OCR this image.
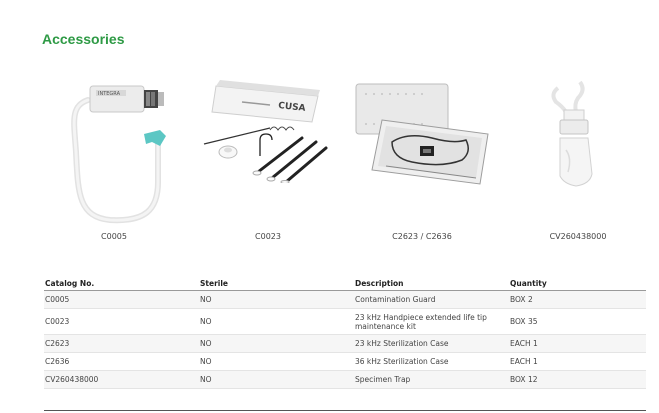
Accessories
INTEGRA
CUSA
C0005	C0023	C2623 / C2636	CV260438000
Catalog No.	Sterile	Description	Quantity
C0005	NO	Contamination Guard	BOX 2
C0023	NO	23 kHz Handpiece extended life tip maintenance kit	BOX 35
C2623	NO	23 kHz Sterilization Case	EACH 1
C2636	NO	36 kHz Sterilization Case	EACH 1
CV260438000	NO	Specimen Trap	BOX 12
